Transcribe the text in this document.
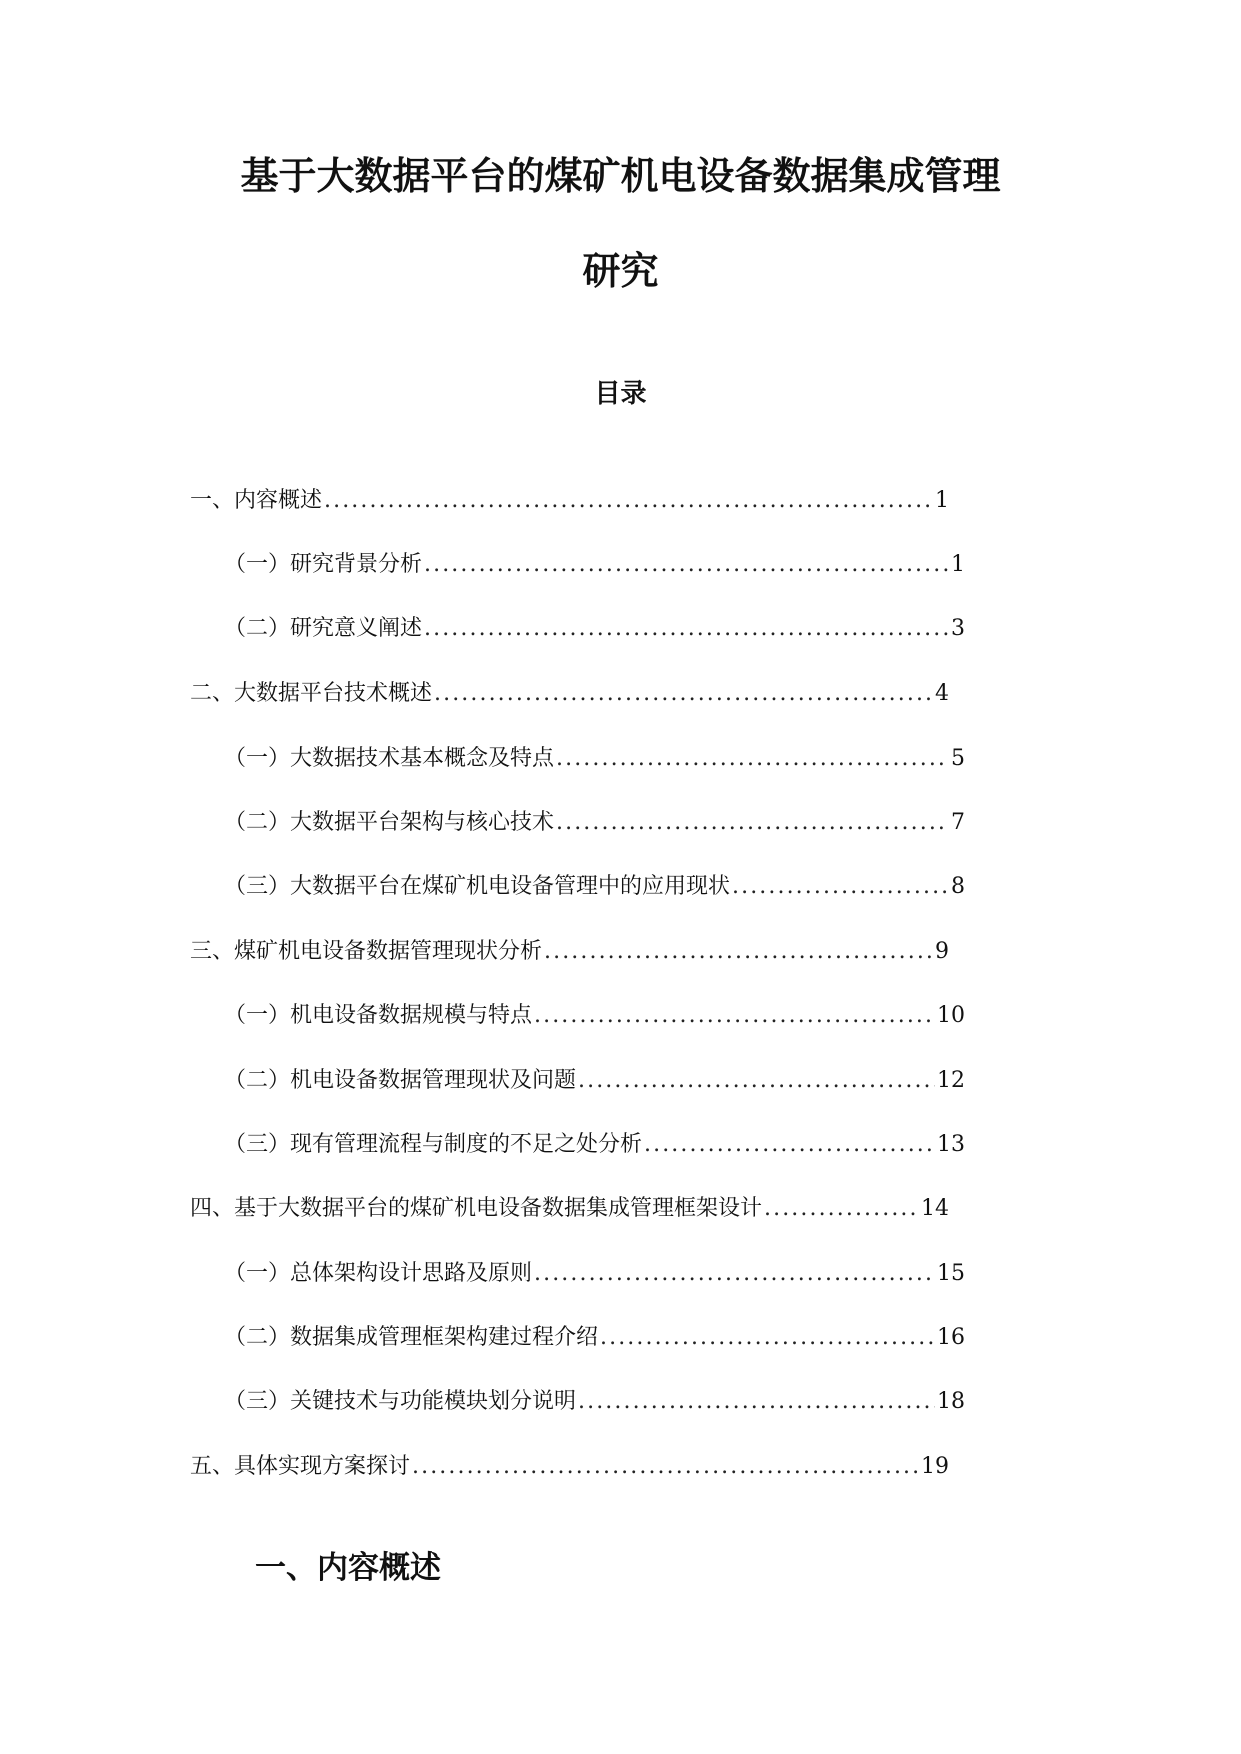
基于大数据平台的煤矿机电设备数据集成管理
研究
目录
一、内容概述 .....	1
（一）研究背景分析 .....	1
（二）研究意义阐述 .....	3
二、大数据平台技术概述 .....	4
（一）大数据技术基本概念及特点 .....	5
（二）大数据平台架构与核心技术 .....	7
（三）大数据平台在煤矿机电设备管理中的应用现状 .....	8
三、煤矿机电设备数据管理现状分析 .....	9
（一）机电设备数据规模与特点 .....	10
（二）机电设备数据管理现状及问题 .....	12
（三）现有管理流程与制度的不足之处分析 .....	13
四、基于大数据平台的煤矿机电设备数据集成管理框架设计 .....	14
（一）总体架构设计思路及原则 .....	15
（二）数据集成管理框架构建过程介绍 .....	16
（三）关键技术与功能模块划分说明 .....	18
五、具体实现方案探讨 .....	19
一、内容概述
